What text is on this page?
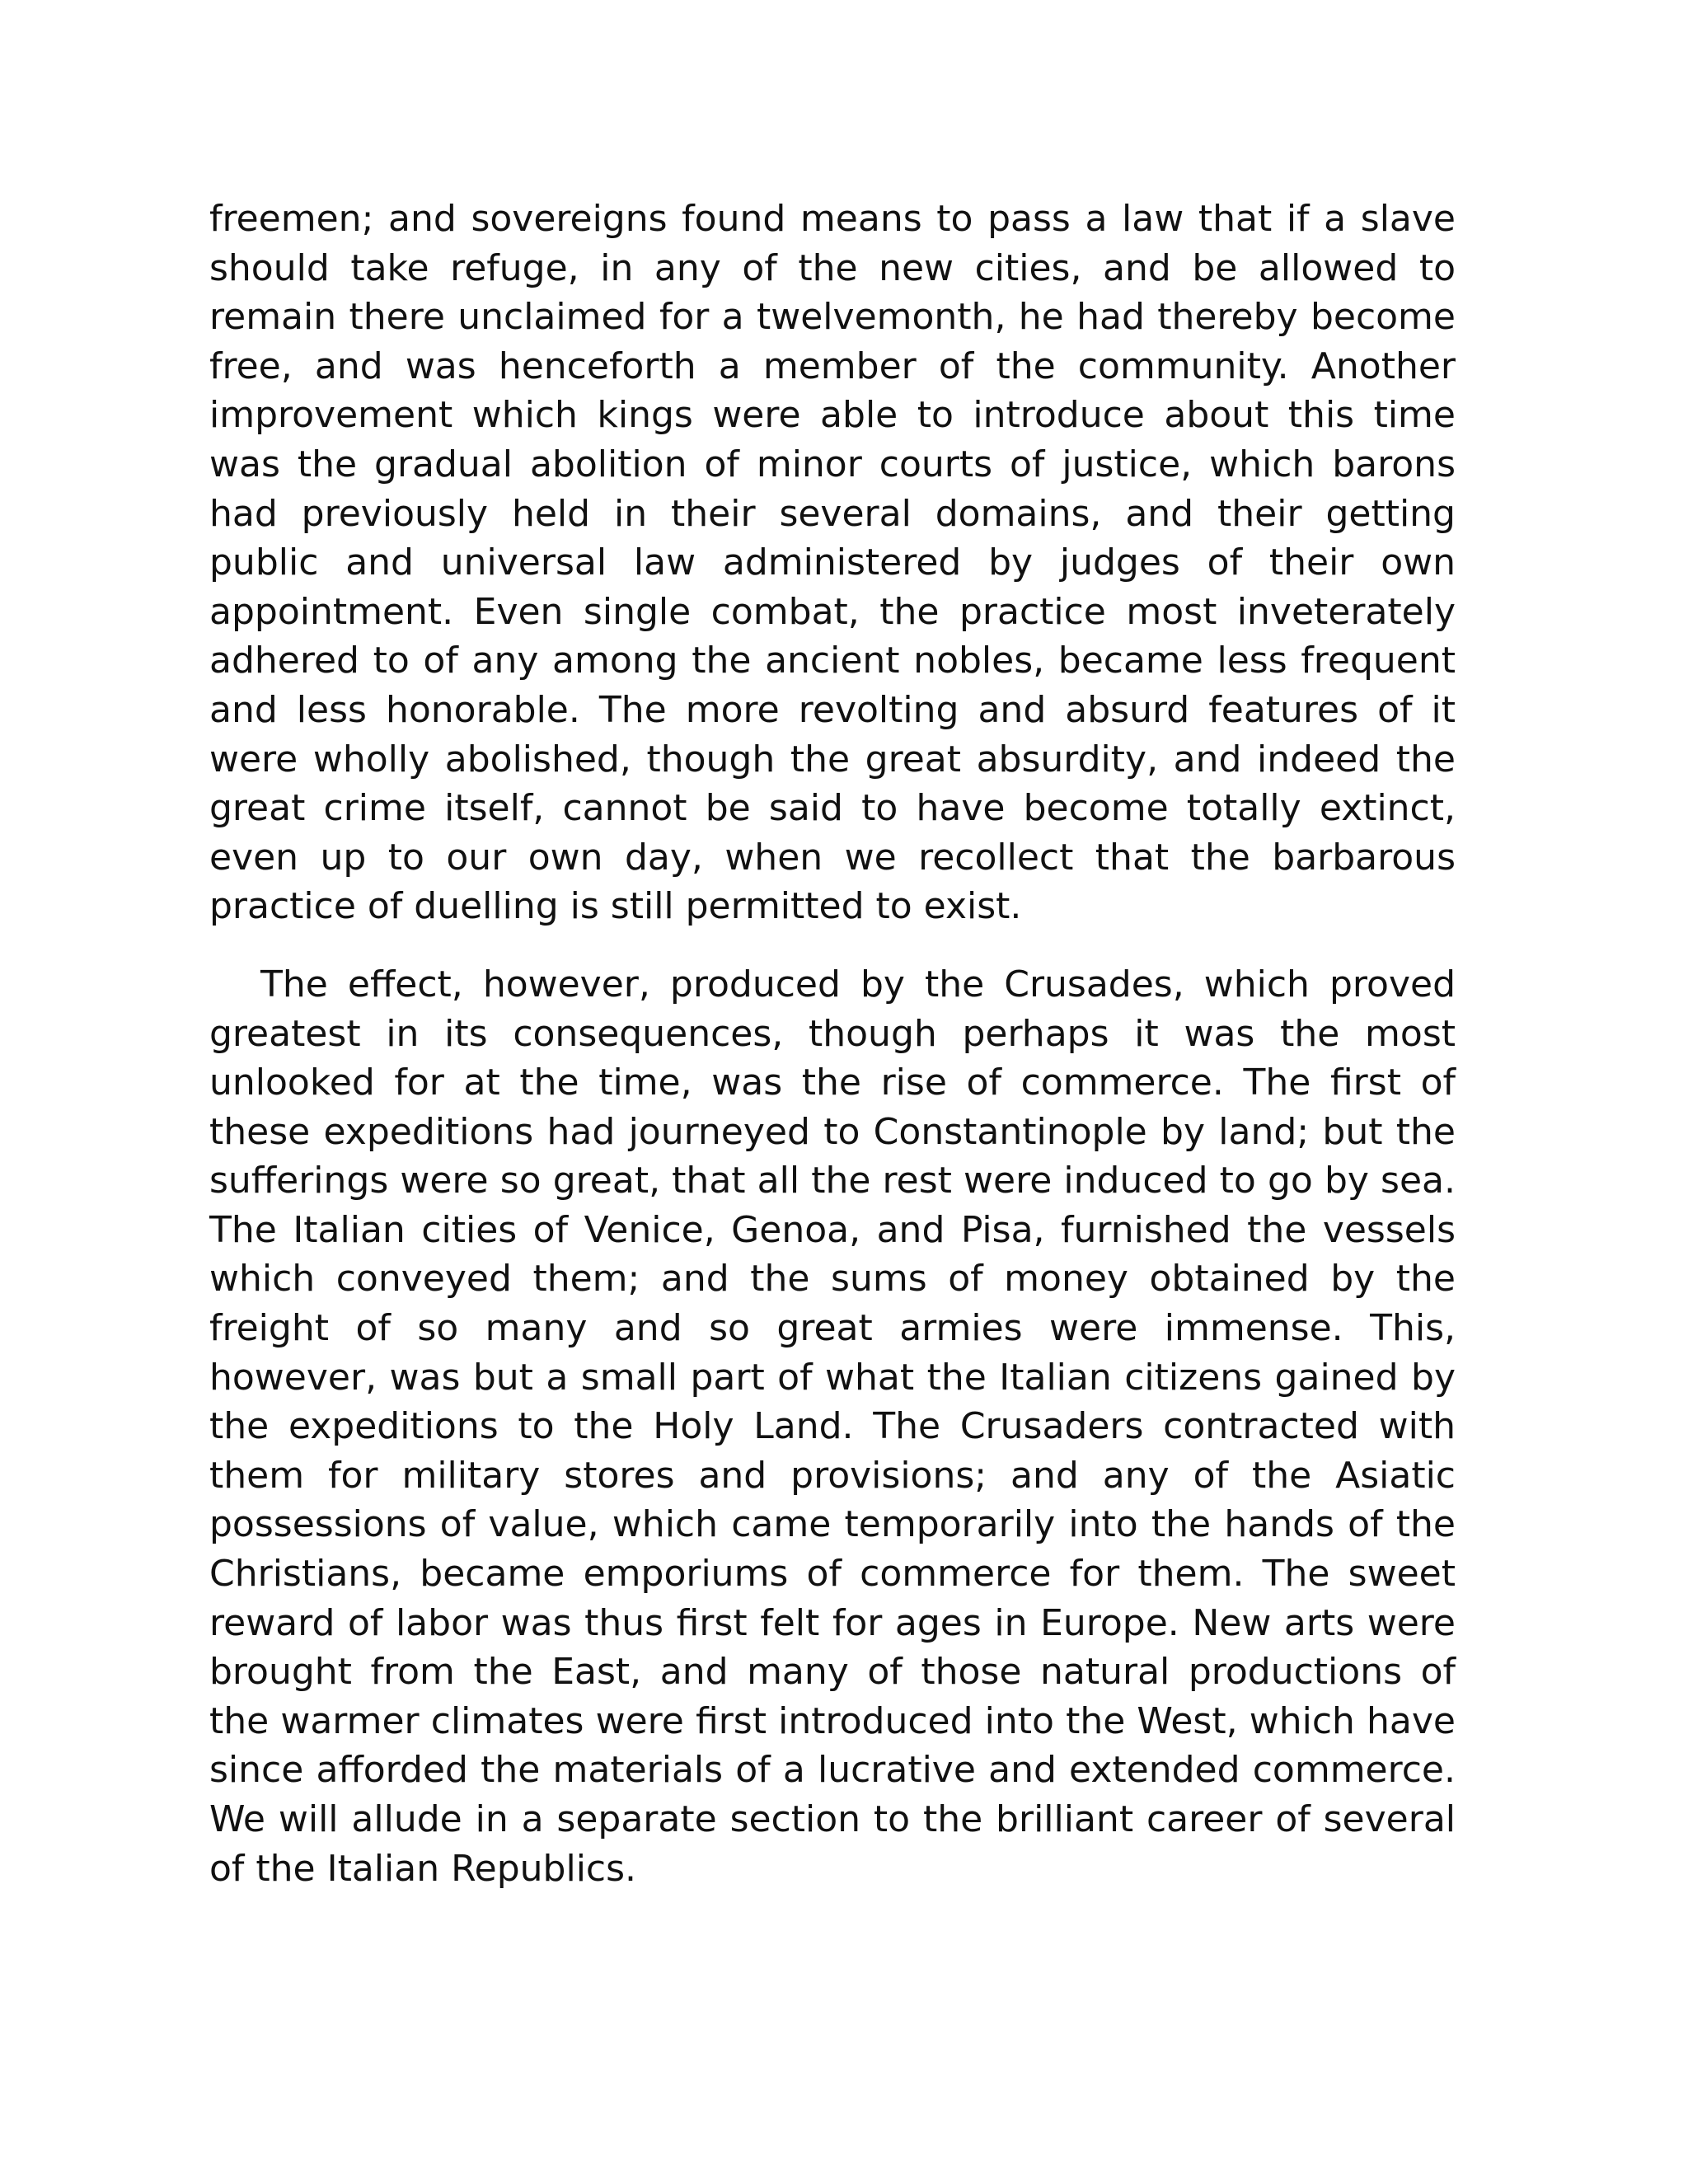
freemen; and sovereigns found means to pass a law that if a slave should take refuge, in any of the new cities, and be allowed to remain there unclaimed for a twelvemonth, he had thereby become free, and was henceforth a member of the community. Another improvement which kings were able to introduce about this time was the gradual abolition of minor courts of justice, which barons had previously held in their several domains, and their getting public and universal law administered by judges of their own appointment. Even single combat, the practice most inveterately adhered to of any among the ancient nobles, became less frequent and less honorable. The more revolting and absurd features of it were wholly abolished, though the great absurdity, and indeed the great crime itself, cannot be said to have become totally extinct, even up to our own day, when we recollect that the barbarous practice of duelling is still permitted to exist.

The effect, however, produced by the Crusades, which proved greatest in its consequences, though perhaps it was the most unlooked for at the time, was the rise of commerce. The first of these expeditions had journeyed to Constantinople by land; but the sufferings were so great, that all the rest were induced to go by sea. The Italian cities of Venice, Genoa, and Pisa, furnished the vessels which conveyed them; and the sums of money obtained by the freight of so many and so great armies were immense. This, however, was but a small part of what the Italian citizens gained by the expeditions to the Holy Land. The Crusaders contracted with them for military stores and provisions; and any of the Asiatic possessions of value, which came temporarily into the hands of the Christians, became emporiums of commerce for them. The sweet reward of labor was thus first felt for ages in Europe. New arts were brought from the East, and many of those natural productions of the warmer climates were first introduced into the West, which have since afforded the materials of a lucrative and extended commerce. We will allude in a separate section to the brilliant career of several of the Italian Republics.
